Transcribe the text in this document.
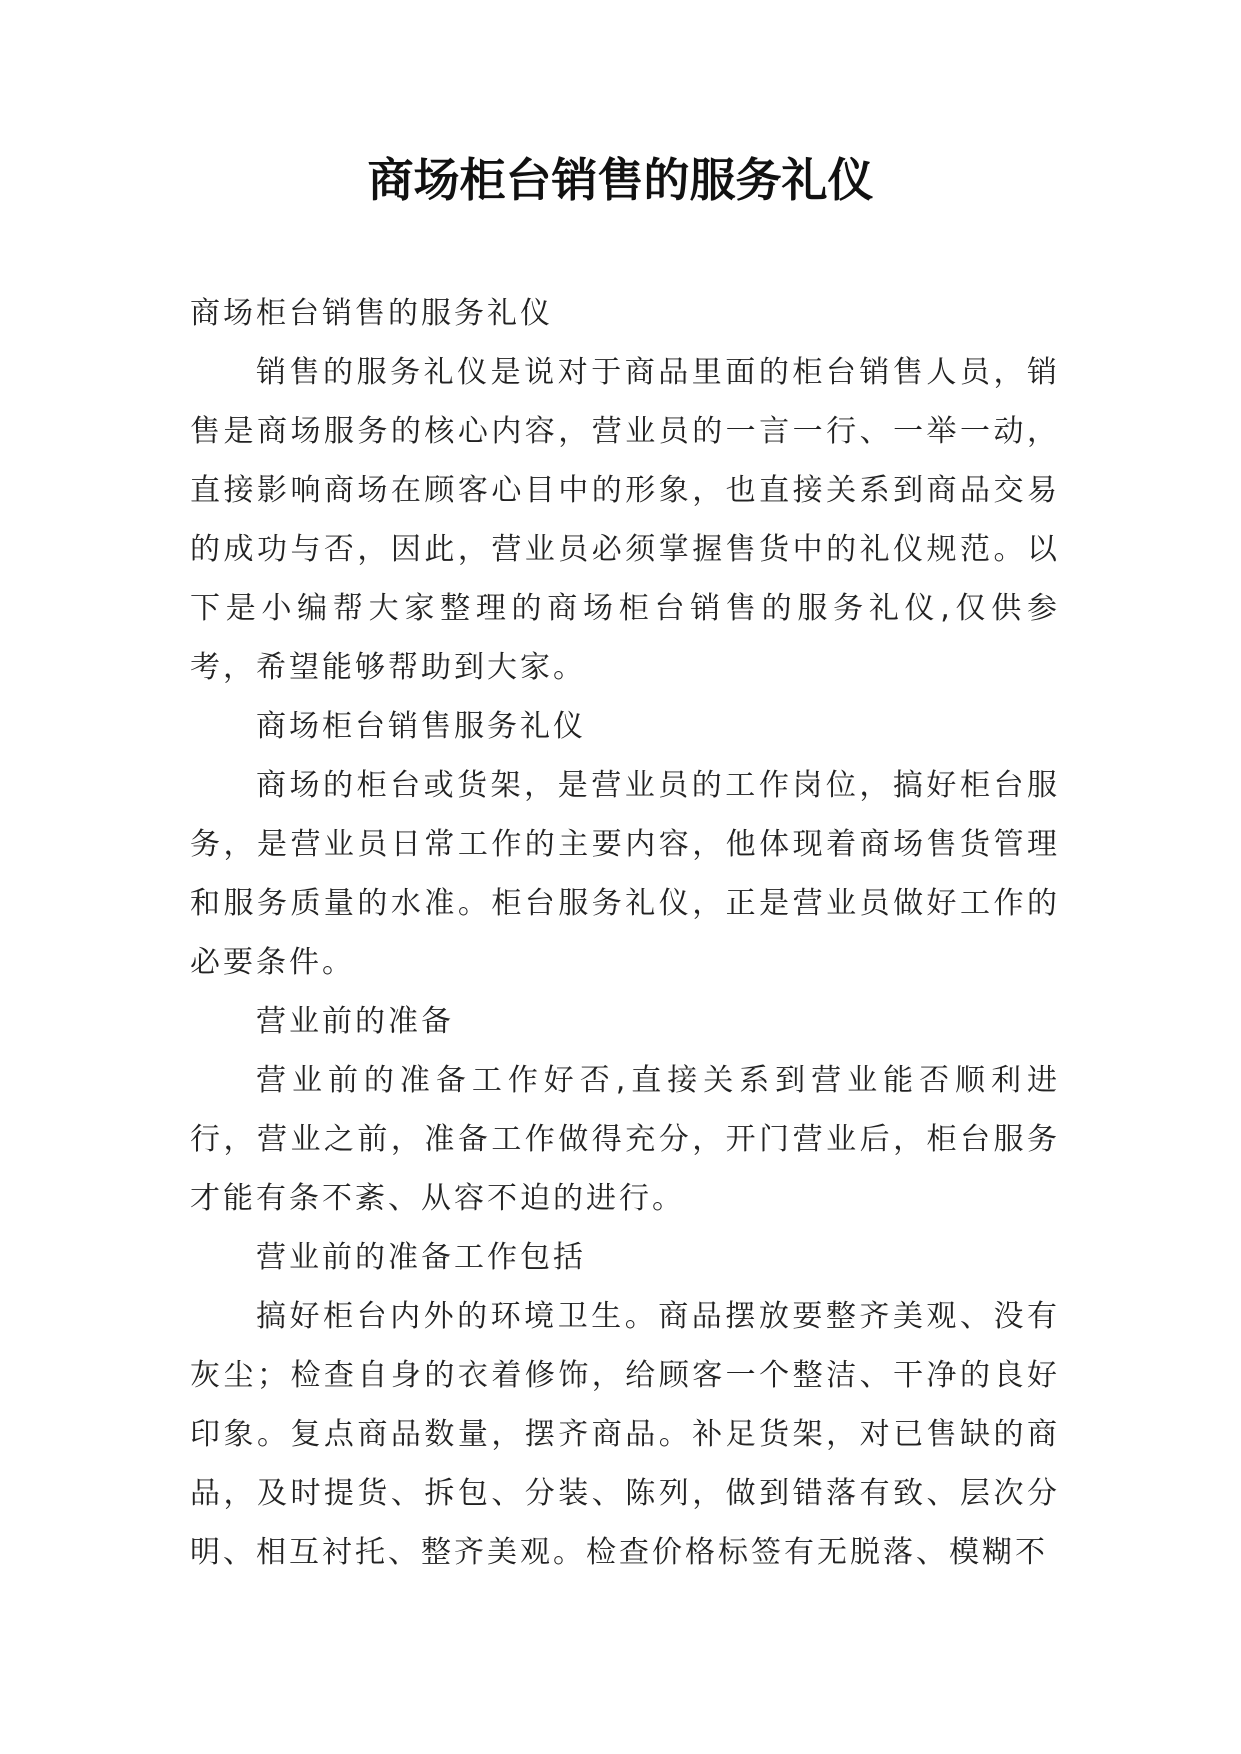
商场柜台销售的服务礼仪

商场柜台销售的服务礼仪

销售的服务礼仪是说对于商品里面的柜台销售人员，销售是商场服务的核心内容，营业员的一言一行、一举一动，直接影响商场在顾客心目中的形象，也直接关系到商品交易的成功与否，因此，营业员必须掌握售货中的礼仪规范。以下是小编帮大家整理的商场柜台销售的服务礼仪,仅供参考，希望能够帮助到大家。

商场柜台销售服务礼仪

商场的柜台或货架，是营业员的工作岗位，搞好柜台服务，是营业员日常工作的主要内容，他体现着商场售货管理和服务质量的水准。柜台服务礼仪，正是营业员做好工作的必要条件。

营业前的准备

营业前的准备工作好否,直接关系到营业能否顺利进行，营业之前，准备工作做得充分，开门营业后，柜台服务才能有条不紊、从容不迫的进行。

营业前的准备工作包括

搞好柜台内外的环境卫生。商品摆放要整齐美观、没有灰尘；检查自身的衣着修饰，给顾客一个整洁、干净的良好印象。复点商品数量，摆齐商品。补足货架，对已售缺的商品，及时提货、拆包、分装、陈列，做到错落有致、层次分明、相互衬托、整齐美观。检查价格标签有无脱落、模糊不
